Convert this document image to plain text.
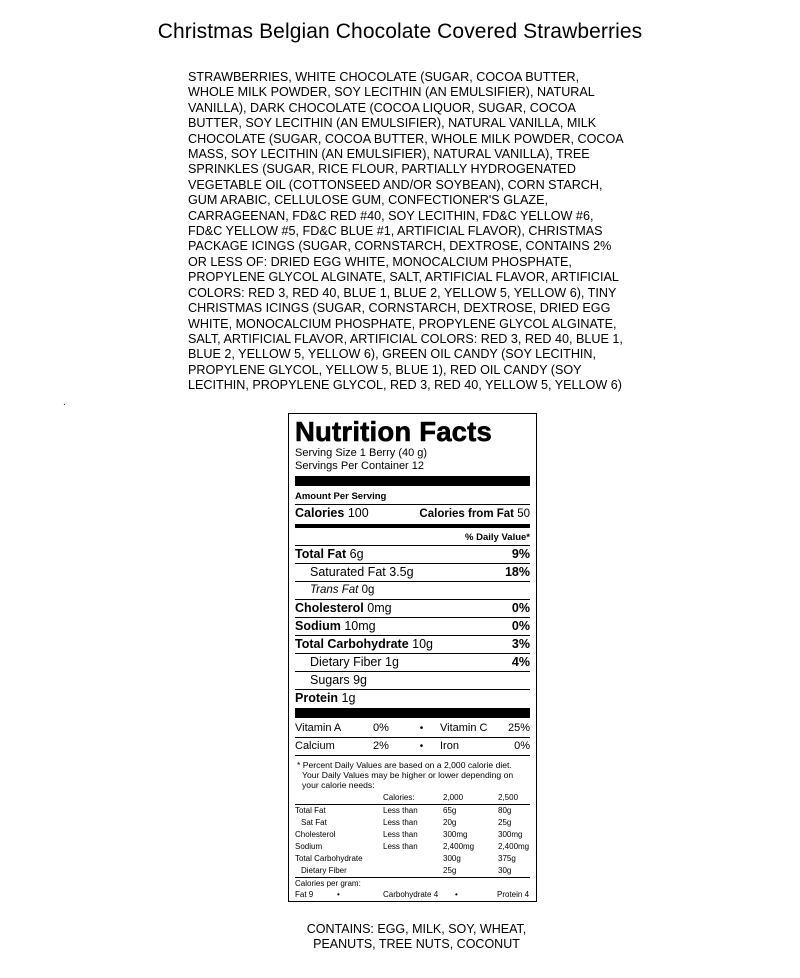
Christmas Belgian Chocolate Covered Strawberries
STRAWBERRIES, WHITE CHOCOLATE (SUGAR, COCOA BUTTER, WHOLE MILK POWDER, SOY LECITHIN (AN EMULSIFIER), NATURAL VANILLA), DARK CHOCOLATE (COCOA LIQUOR, SUGAR, COCOA BUTTER, SOY LECITHIN (AN EMULSIFIER), NATURAL VANILLA, MILK CHOCOLATE (SUGAR, COCOA BUTTER, WHOLE MILK POWDER, COCOA MASS, SOY LECITHIN (AN EMULSIFIER), NATURAL VANILLA), TREE SPRINKLES (SUGAR, RICE FLOUR, PARTIALLY HYDROGENATED VEGETABLE OIL (COTTONSEED AND/OR SOYBEAN), CORN STARCH, GUM ARABIC, CELLULOSE GUM, CONFECTIONER'S GLAZE, CARRAGEENAN, FD&C RED #40, SOY LECITHIN, FD&C YELLOW #6, FD&C YELLOW #5, FD&C BLUE #1, ARTIFICIAL FLAVOR), CHRISTMAS PACKAGE ICINGS (SUGAR, CORNSTARCH, DEXTROSE, CONTAINS 2% OR LESS OF: DRIED EGG WHITE, MONOCALCIUM PHOSPHATE, PROPYLENE GLYCOL ALGINATE, SALT, ARTIFICIAL FLAVOR, ARTIFICIAL COLORS: RED 3, RED 40, BLUE 1, BLUE 2, YELLOW 5, YELLOW 6), TINY CHRISTMAS ICINGS (SUGAR, CORNSTARCH, DEXTROSE, DRIED EGG WHITE, MONOCALCIUM PHOSPHATE, PROPYLENE GLYCOL ALGINATE, SALT, ARTIFICIAL FLAVOR, ARTIFICIAL COLORS: RED 3, RED 40, BLUE 1, BLUE 2, YELLOW 5, YELLOW 6), GREEN OIL CANDY (SOY LECITHIN, PROPYLENE GLYCOL, YELLOW 5, BLUE 1), RED OIL CANDY (SOY LECITHIN, PROPYLENE GLYCOL, RED 3, RED 40, YELLOW 5, YELLOW 6)
.
Nutrition Facts
Serving Size 1 Berry (40 g)
Servings Per Container 12
Amount Per Serving
Calories 100	Calories from Fat 50
% Daily Value*
Total Fat 6g	9%
Saturated Fat 3.5g	18%
Trans Fat 0g
Cholesterol 0mg	0%
Sodium 10mg	0%
Total Carbohydrate 10g	3%
Dietary Fiber 1g	4%
Sugars 9g
Protein 1g
Vitamin A	0%	•	Vitamin C	25%
Calcium	2%	•	Iron	0%
* Percent Daily Values are based on a 2,000 calorie diet.
Your Daily Values may be higher or lower depending on
your calorie needs:
	Calories:	2,000	2,500
Total Fat	Less than	65g	80g
Sat Fat	Less than	20g	25g
Cholesterol	Less than	300mg	300mg
Sodium	Less than	2,400mg	2,400mg
Total Carbohydrate		300g	375g
Dietary Fiber		25g	30g
Calories per gram:
Fat 9	•	Carbohydrate 4	•	Protein 4
CONTAINS: EGG, MILK, SOY, WHEAT,
PEANUTS, TREE NUTS, COCONUT
